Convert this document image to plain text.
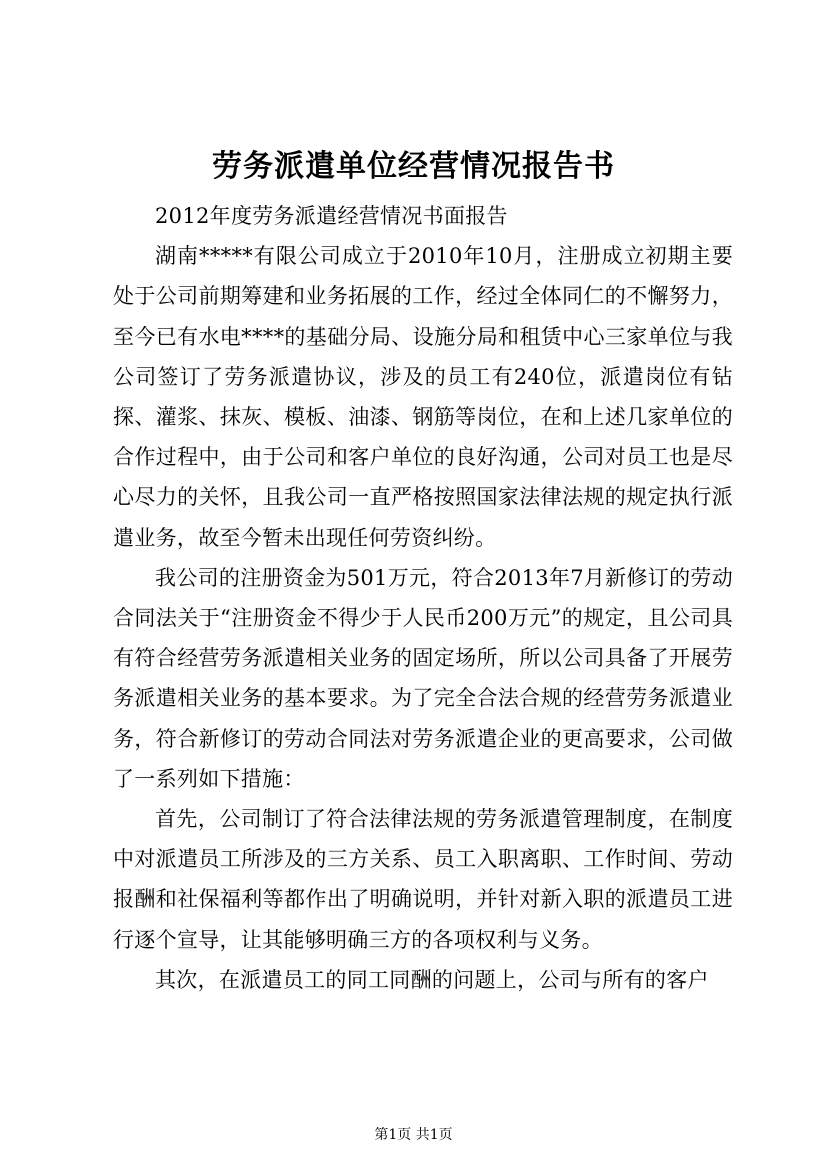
劳务派遣单位经营情况报告书

2012年度劳务派遣经营情况书面报告

湖南*****有限公司成立于2010年10月，注册成立初期主要处于公司前期筹建和业务拓展的工作，经过全体同仁的不懈努力，至今已有水电****的基础分局、设施分局和租赁中心三家单位与我公司签订了劳务派遣协议，涉及的员工有240位，派遣岗位有钻探、灌浆、抹灰、模板、油漆、钢筋等岗位，在和上述几家单位的合作过程中，由于公司和客户单位的良好沟通，公司对员工也是尽心尽力的关怀，且我公司一直严格按照国家法律法规的规定执行派遣业务，故至今暂未出现任何劳资纠纷。

我公司的注册资金为501万元，符合2013年7月新修订的劳动合同法关于“注册资金不得少于人民币200万元”的规定，且公司具有符合经营劳务派遣相关业务的固定场所，所以公司具备了开展劳务派遣相关业务的基本要求。为了完全合法合规的经营劳务派遣业务，符合新修订的劳动合同法对劳务派遣企业的更高要求，公司做了一系列如下措施：

首先，公司制订了符合法律法规的劳务派遣管理制度，在制度中对派遣员工所涉及的三方关系、员工入职离职、工作时间、劳动报酬和社保福利等都作出了明确说明，并针对新入职的派遣员工进行逐个宣导，让其能够明确三方的各项权利与义务。

其次，在派遣员工的同工同酬的问题上，公司与所有的客户

第1页 共1页
